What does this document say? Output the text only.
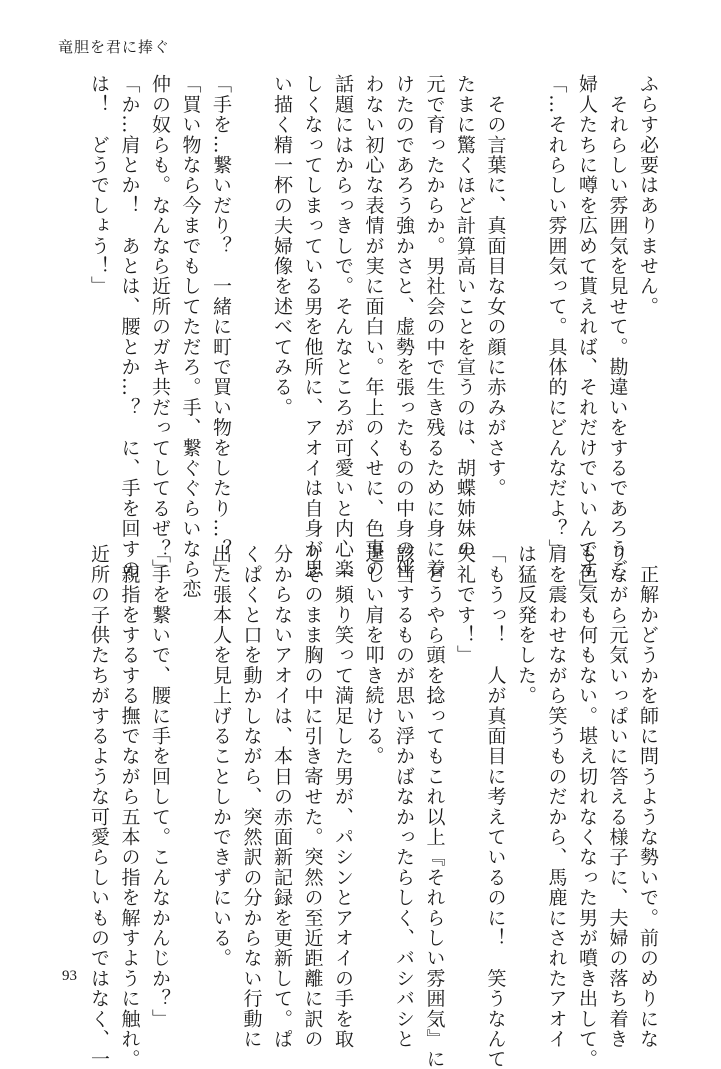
竜胆を君に捧ぐ
ふらす必要はありません。
　それらしい雰囲気を見せて。勘違いをするであろうご
婦人たちに噂を広めて貰えれば、それだけでいいんです」
「…それらしい雰囲気って。具体的にどんなだよ？」

　その言葉に、真面目な女の顔に赤みがさす。
たまに驚くほど計算高いことを宣うのは、胡蝶姉妹の
元で育ったからか。男社会の中で生き残るために身に着
けたのであろう強かさと、虚勢を張ったものの中身の伴
わない初心な表情が実に面白い。年上のくせに、色事の
話題にはからっきしで。そんなところが可愛いと内心楽
しくなってしまっている男を他所に、アオイは自身が思
い描く精一杯の夫婦像を述べてみる。

「手を…繋いだり？　一緒に町で買い物をしたり…？」
「買い物なら今までもしてただろ。手、繋ぐぐらいなら恋
仲の奴らも。なんなら近所のガキ共だってしてるぜ？」
「か…肩とか！　あとは、腰とか…？　に、手を回すの
は！　どうでしょう！」
　正解かどうかを師に問うような勢いで。前のめりにな
りながら元気いっぱいに答える様子に、夫婦の落ち着き
も色気も何もない。堪え切れなくなった男が噴き出して。
肩を震わせながら笑うものだから、馬鹿にされたアオイ
は猛反発をした。
「もうっ！　人が真面目に考えているのに！　笑うなんて
失礼です！」
　どうやら頭を捻ってもこれ以上『それらしい雰囲気』に
該当するものが思い浮かばなかったらしく、バシバシと
逞しい肩を叩き続ける。
　一頻り笑って満足した男が、パシンとアオイの手を取
りそのまま胸の中に引き寄せた。突然の至近距離に訳の
分からないアオイは、本日の赤面新記録を更新して。ぱ
くぱくと口を動かしながら、突然訳の分からない行動に
出た張本人を見上げることしかできずにいる。

「手を繋いで、腰に手を回して。こんなかんじか？」
　親指をするする撫でながら五本の指を解すように触れ。
近所の子供たちがするような可愛らしいものではなく、一
93
